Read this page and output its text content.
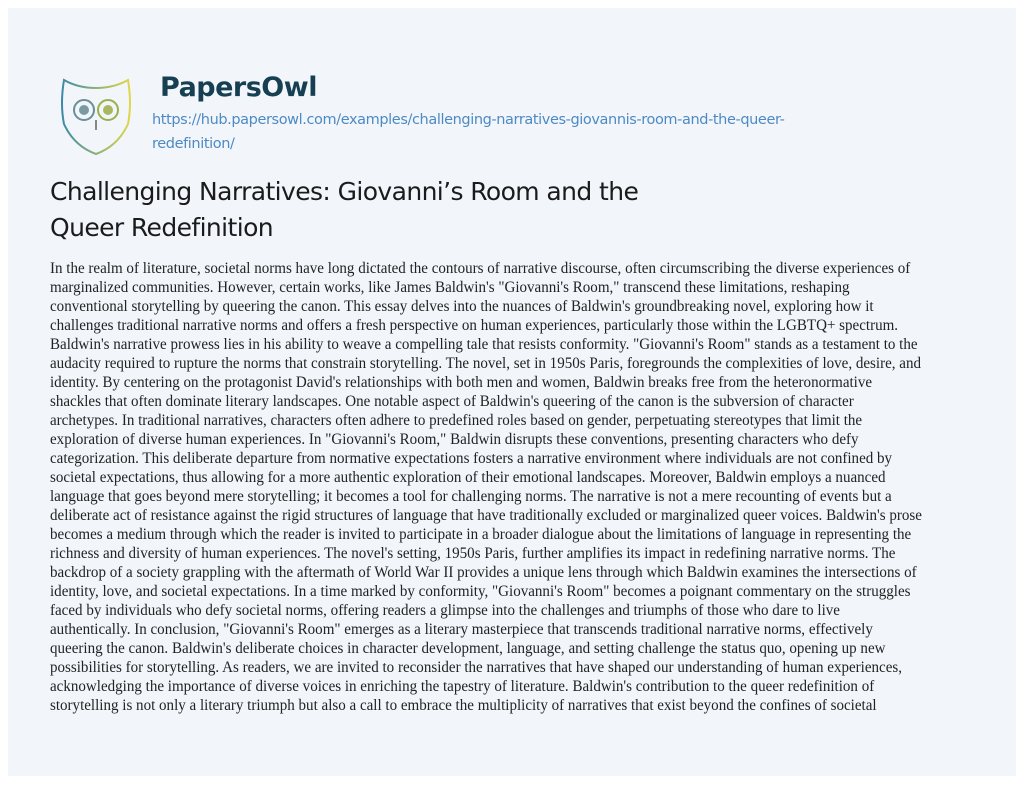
PapersOwl
https://hub.papersowl.com/examples/challenging-narratives-giovannis-room-and-the-queer-
redefinition/
Challenging Narratives: Giovanni’s Room and the
Queer Redefinition
In the realm of literature, societal norms have long dictated the contours of narrative discourse, often circumscribing the diverse experiences of
marginalized communities. However, certain works, like James Baldwin's "Giovanni's Room," transcend these limitations, reshaping
conventional storytelling by queering the canon. This essay delves into the nuances of Baldwin's groundbreaking novel, exploring how it
challenges traditional narrative norms and offers a fresh perspective on human experiences, particularly those within the LGBTQ+ spectrum.
Baldwin's narrative prowess lies in his ability to weave a compelling tale that resists conformity. "Giovanni's Room" stands as a testament to the
audacity required to rupture the norms that constrain storytelling. The novel, set in 1950s Paris, foregrounds the complexities of love, desire, and
identity. By centering on the protagonist David's relationships with both men and women, Baldwin breaks free from the heteronormative
shackles that often dominate literary landscapes. One notable aspect of Baldwin's queering of the canon is the subversion of character
archetypes. In traditional narratives, characters often adhere to predefined roles based on gender, perpetuating stereotypes that limit the
exploration of diverse human experiences. In "Giovanni's Room," Baldwin disrupts these conventions, presenting characters who defy
categorization. This deliberate departure from normative expectations fosters a narrative environment where individuals are not confined by
societal expectations, thus allowing for a more authentic exploration of their emotional landscapes. Moreover, Baldwin employs a nuanced
language that goes beyond mere storytelling; it becomes a tool for challenging norms. The narrative is not a mere recounting of events but a
deliberate act of resistance against the rigid structures of language that have traditionally excluded or marginalized queer voices. Baldwin's prose
becomes a medium through which the reader is invited to participate in a broader dialogue about the limitations of language in representing the
richness and diversity of human experiences. The novel's setting, 1950s Paris, further amplifies its impact in redefining narrative norms. The
backdrop of a society grappling with the aftermath of World War II provides a unique lens through which Baldwin examines the intersections of
identity, love, and societal expectations. In a time marked by conformity, "Giovanni's Room" becomes a poignant commentary on the struggles
faced by individuals who defy societal norms, offering readers a glimpse into the challenges and triumphs of those who dare to live
authentically. In conclusion, "Giovanni's Room" emerges as a literary masterpiece that transcends traditional narrative norms, effectively
queering the canon. Baldwin's deliberate choices in character development, language, and setting challenge the status quo, opening up new
possibilities for storytelling. As readers, we are invited to reconsider the narratives that have shaped our understanding of human experiences,
acknowledging the importance of diverse voices in enriching the tapestry of literature. Baldwin's contribution to the queer redefinition of
storytelling is not only a literary triumph but also a call to embrace the multiplicity of narratives that exist beyond the confines of societal
